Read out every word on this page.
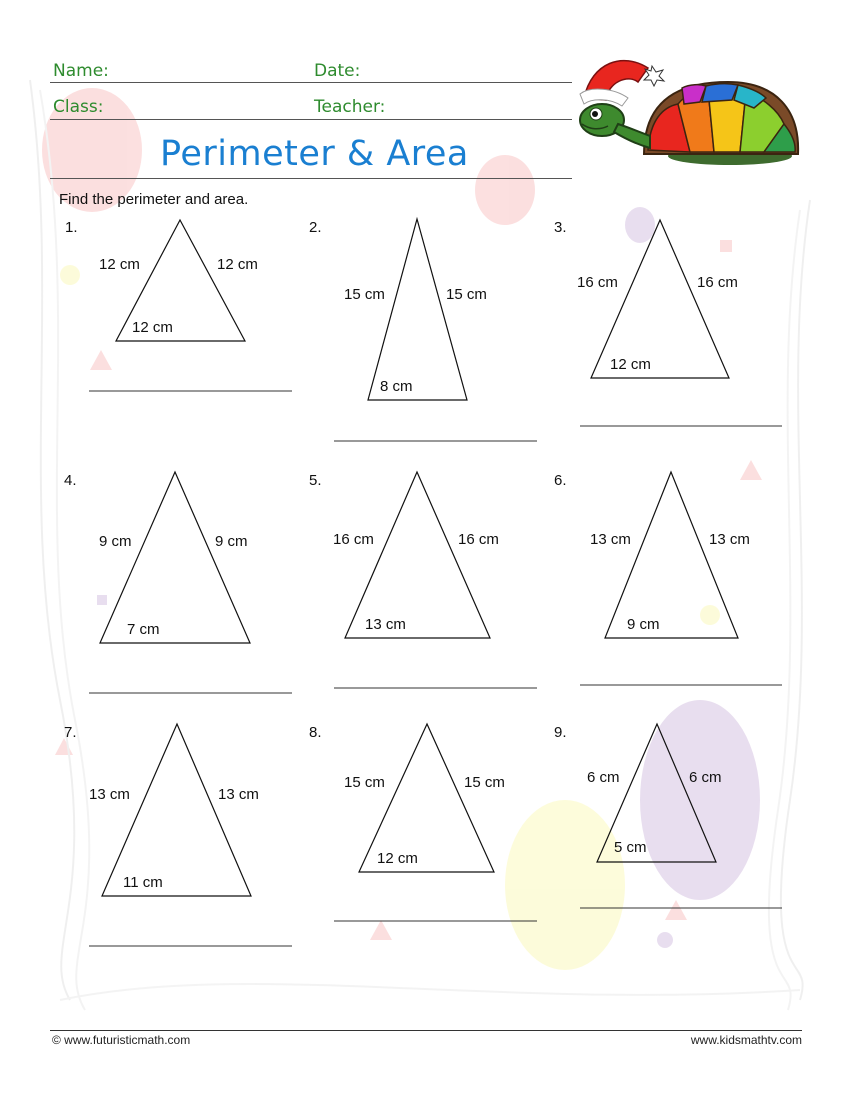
Name:	Date:
Class:	Teacher:
Perimeter & Area
Find the perimeter and area.
1.
12 cm	12 cm
12 cm
2.
15 cm	15 cm
8 cm
3.
16 cm	16 cm
12 cm
4.
9 cm	9 cm
7 cm
5.
16 cm	16 cm
13 cm
6.
13 cm	13 cm
9 cm
7.
13 cm	13 cm
11 cm
8.
15 cm	15 cm
12 cm
9.
6 cm	6 cm
5 cm
© www.futuristicmath.com	www.kidsmathtv.com
